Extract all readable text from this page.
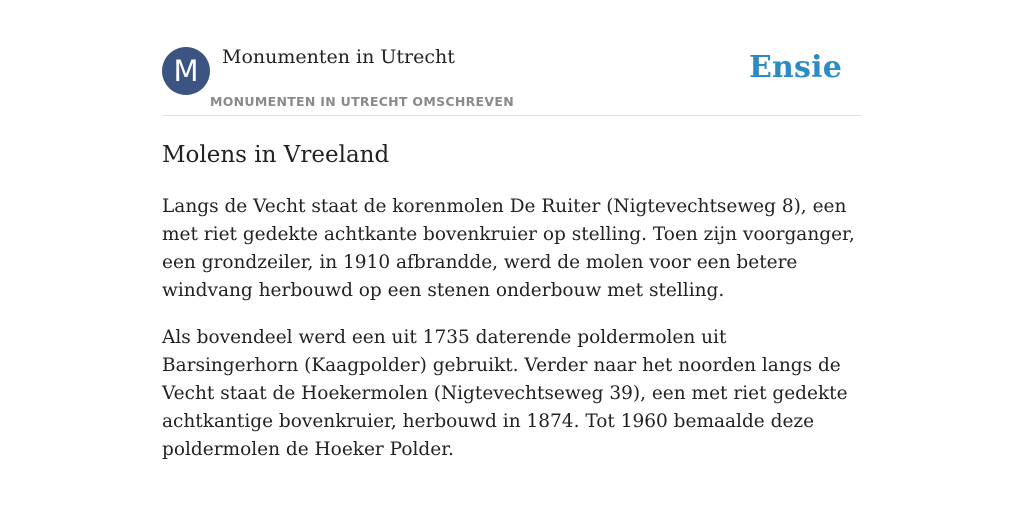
M	Monumenten in Utrecht
MONUMENTEN IN UTRECHT OMSCHREVEN
Ensie
Molens in Vreeland

Langs de Vecht staat de korenmolen De Ruiter (Nigtevechtseweg 8), een met riet gedekte achtkante bovenkruier op stelling. Toen zijn voorganger, een grondzeiler, in 1910 afbrandde, werd de molen voor een betere windvang herbouwd op een stenen onderbouw met stelling.

Als bovendeel werd een uit 1735 daterende poldermolen uit Barsingerhorn (Kaagpolder) gebruikt. Verder naar het noorden langs de Vecht staat de Hoekermolen (Nigtevechtseweg 39), een met riet gedekte achtkantige bovenkruier, herbouwd in 1874. Tot 1960 bemaalde deze poldermolen de Hoeker Polder.
